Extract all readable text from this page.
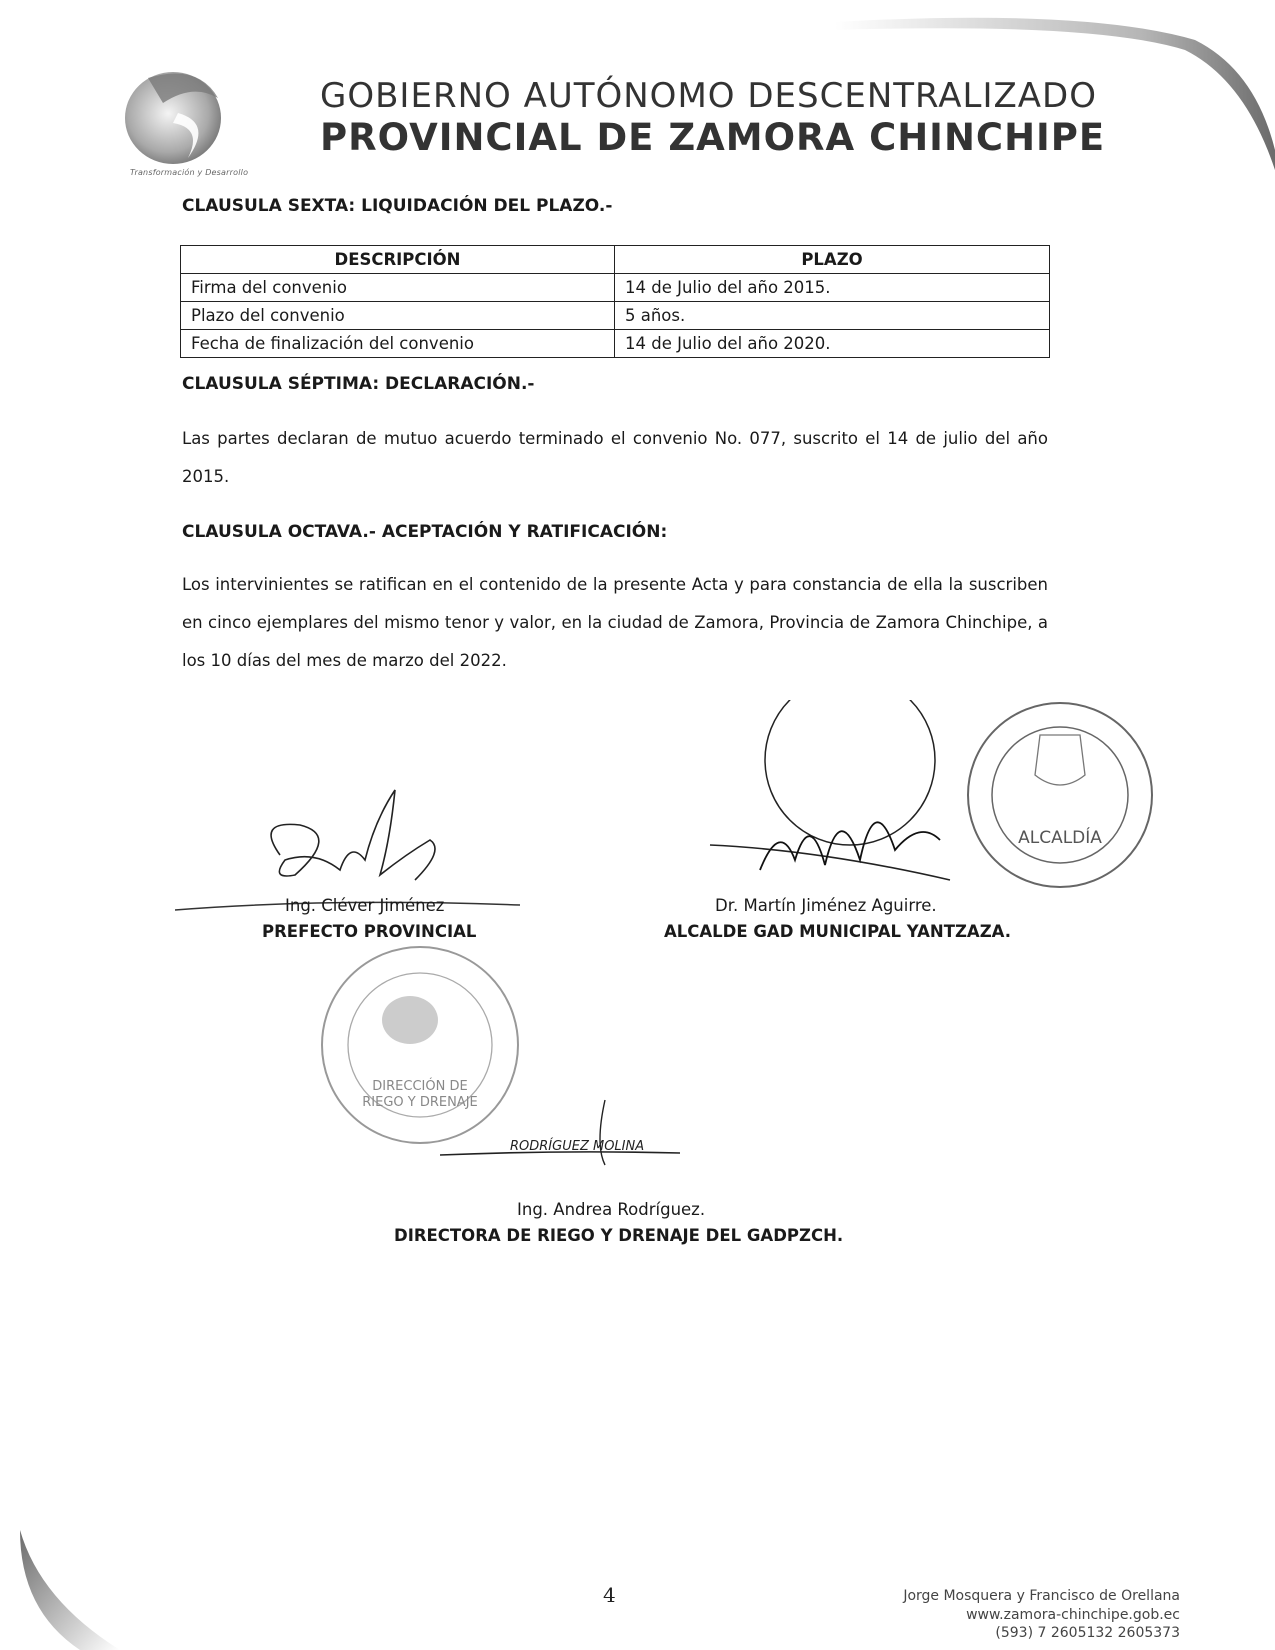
Transformación y Desarrollo
GOBIERNO AUTÓNOMO DESCENTRALIZADO
PROVINCIAL DE ZAMORA CHINCHIPE
CLAUSULA SEXTA: LIQUIDACIÓN DEL PLAZO.-
DESCRIPCIÓN	PLAZO
Firma del convenio	14 de Julio del año 2015.
Plazo del convenio	5 años.
Fecha de finalización del convenio	14 de Julio del año 2020.
CLAUSULA SÉPTIMA: DECLARACIÓN.-
Las partes declaran de mutuo acuerdo terminado el convenio No. 077, suscrito el 14 de julio del año 2015.
CLAUSULA OCTAVA.- ACEPTACIÓN Y RATIFICACIÓN:
Los intervinientes se ratifican en el contenido de la presente Acta y para constancia de ella la suscriben en cinco ejemplares del mismo tenor y valor, en la ciudad de Zamora, Provincia de Zamora Chinchipe, a los 10 días del mes de marzo del 2022.
RODRÍGUEZ MOLINA
ALCALDÍA
DIRECCIÓN DE
RIEGO Y DRENAJE
Ing. Cléver Jiménez
PREFECTO PROVINCIAL
Dr. Martín Jiménez Aguirre.
ALCALDE GAD MUNICIPAL YANTZAZA.
Ing. Andrea Rodríguez.
DIRECTORA DE RIEGO Y DRENAJE DEL GADPZCH.
4	Jorge Mosquera y Francisco de Orellana
www.zamora-chinchipe.gob.ec
(593) 7 2605132 2605373
